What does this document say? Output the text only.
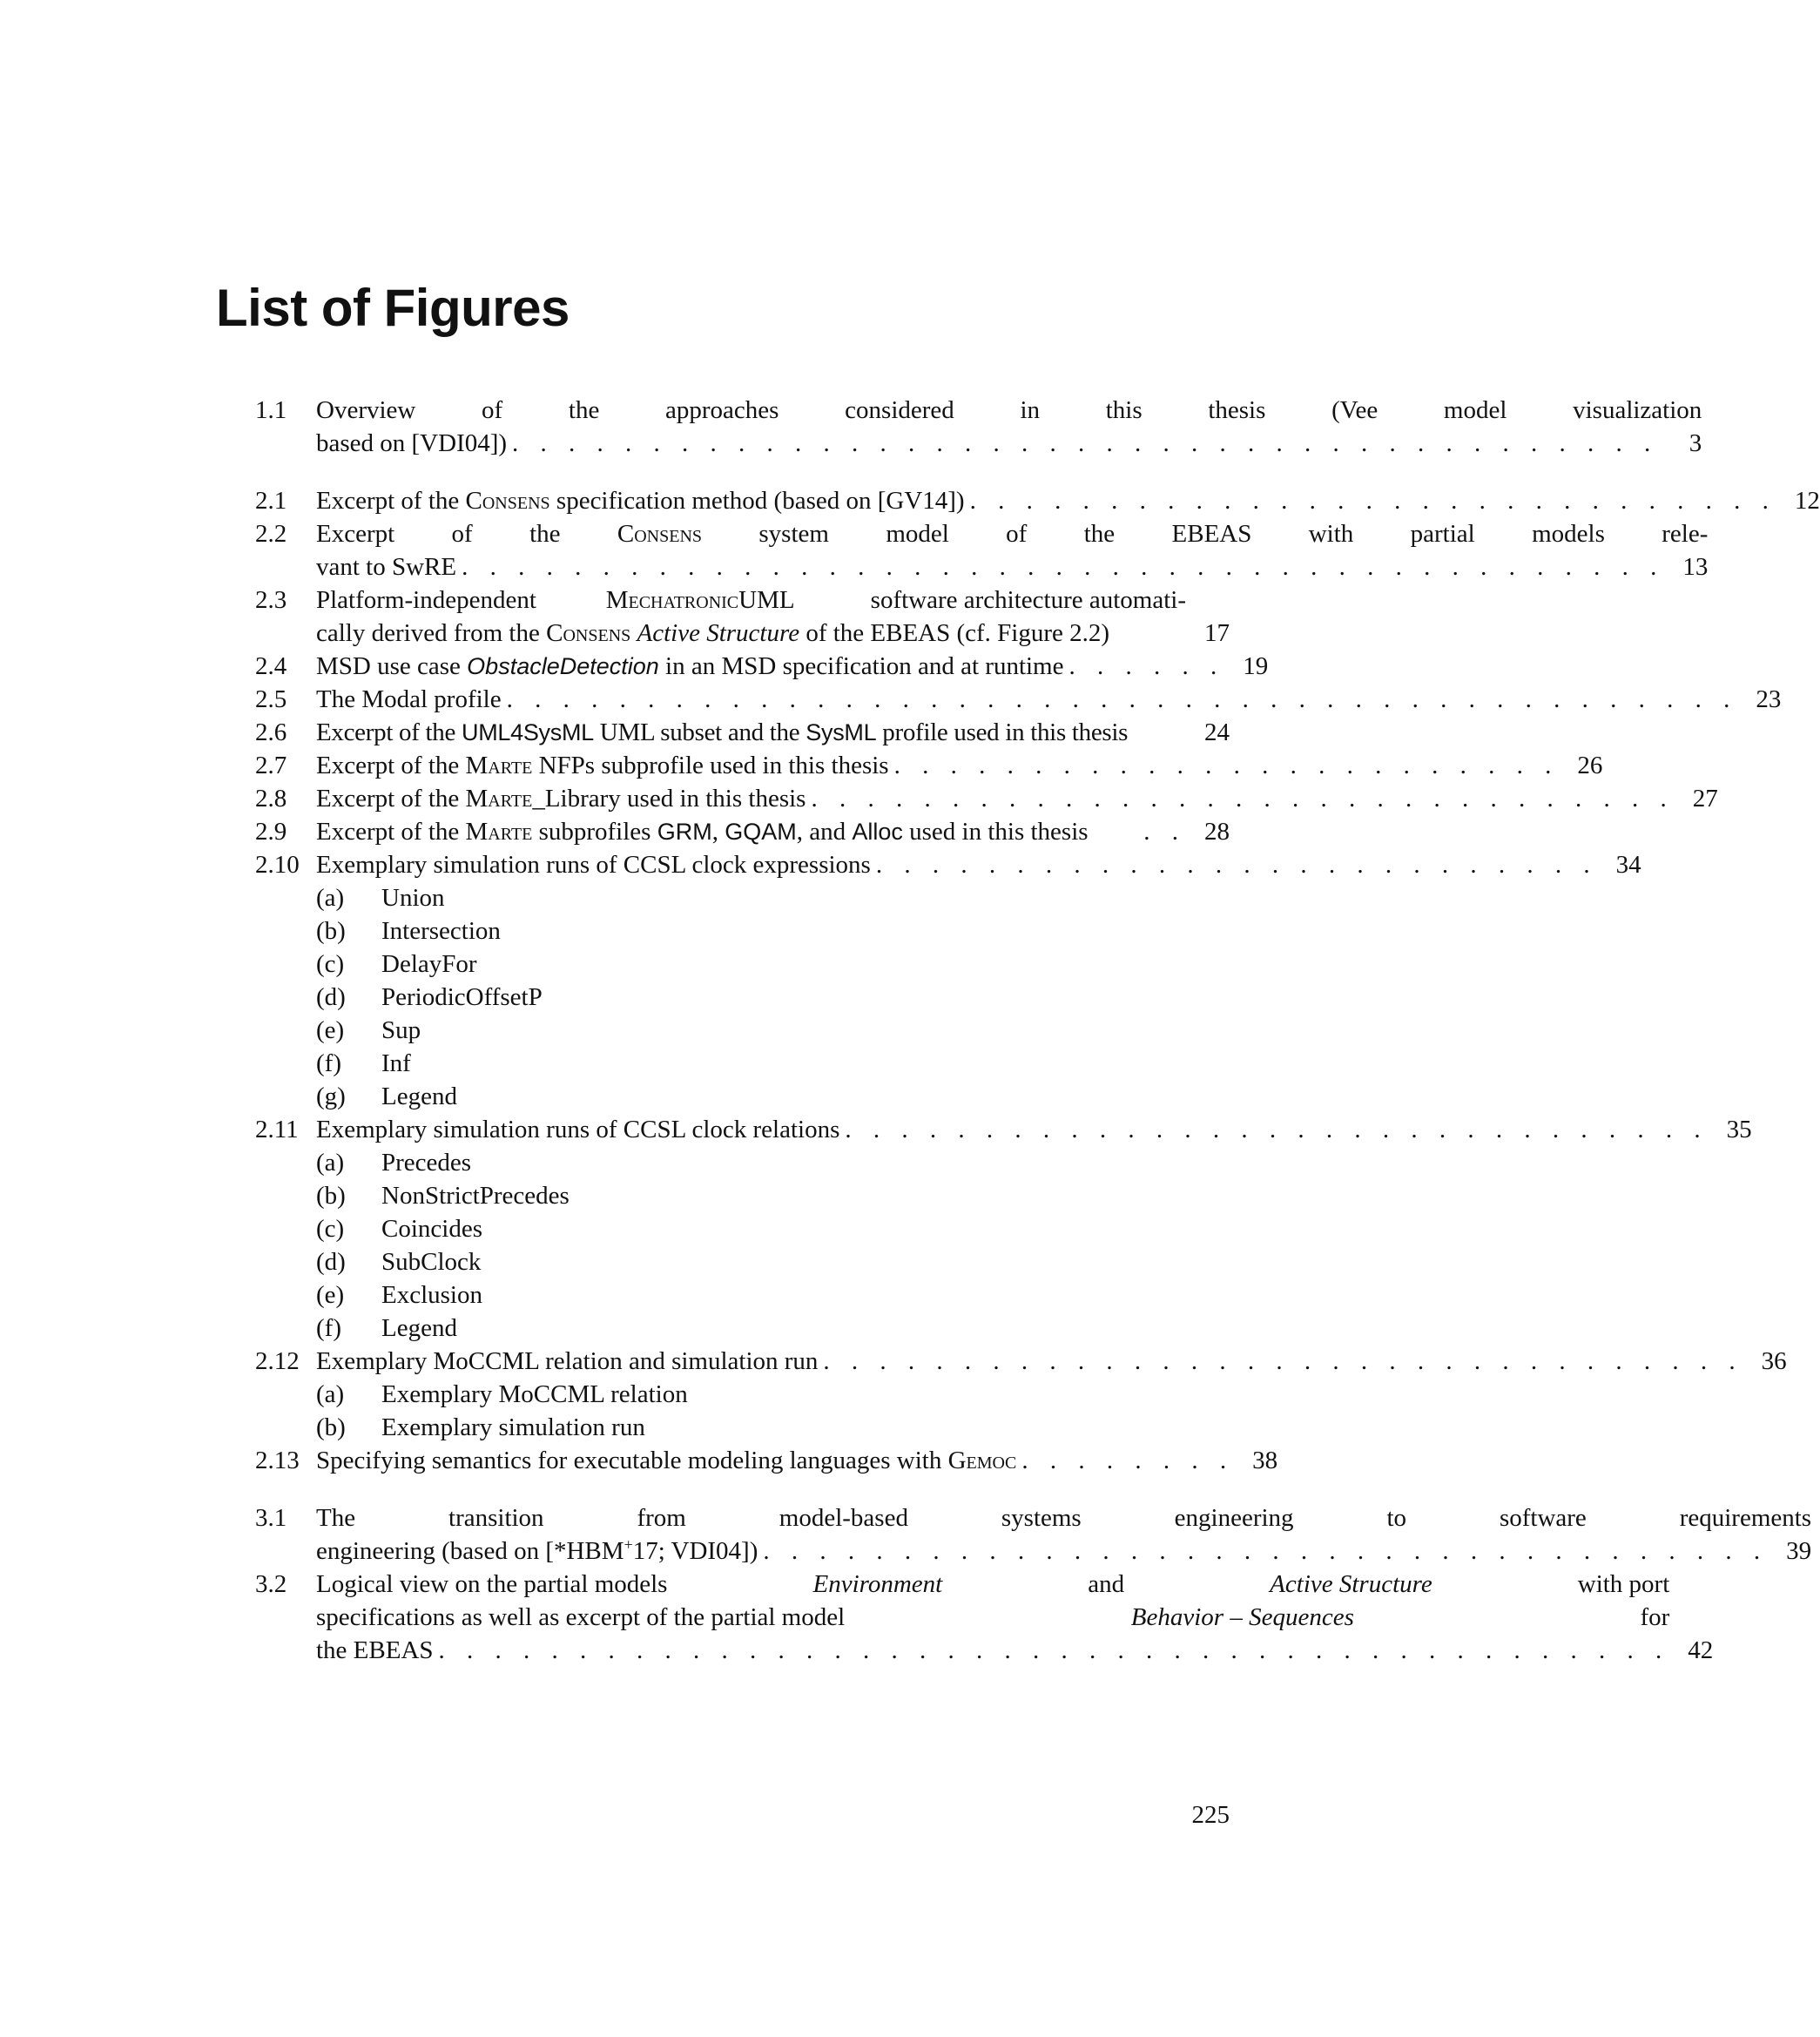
List of Figures
1.1	Overview of the approaches considered in this thesis (Vee model visualization
based on [VDI04]) . . . . . . . . . . . . . . . . . . . . . . . . . . . . . . . . . . . . . . . . .	3
2.1	Excerpt of the Consens specification method (based on [GV14]) . . . . . . . . . . . . . . . . . . . . . . . . . . . . . 12
2.2	Excerpt of the Consens system model of the EBEAS with partial models rele-
vant to SwRE . . . . . . . . . . . . . . . . . . . . . . . . . . . . . . . . . . . . . . . . . . . 13
2.3	Platform-independent	MechatronicUML	software architecture automati-
cally derived from the Consens Active Structure of the EBEAS (cf. Figure 2.2)	17
2.4	MSD use case ObstacleDetection in an MSD specification and at runtime . . . . . . 19
2.5	The Modal profile . . . . . . . . . . . . . . . . . . . . . . . . . . . . . . . . . . . . . . . . . . . . 23
2.6	Excerpt of the UML4SysML UML subset and the SysML profile used in this thesis	24
2.7	Excerpt of the Marte NFPs subprofile used in this thesis . . . . . . . . . . . . . . . . . . . . . . . . 26
2.8	Excerpt of the Marte_Library used in this thesis . . . . . . . . . . . . . . . . . . . . . . . . . . . . . . . 27
2.9	Excerpt of the Marte subprofiles GRM, GQAM, and Alloc used in this thesis	. . 28
2.10 Exemplary simulation runs of CCSL clock expressions . . . . . . . . . . . . . . . . . . . . . . . . . . 34
(a)	Union
(b)	Intersection
(c)	DelayFor
(d)	PeriodicOffsetP
(e)	Sup
(f)	Inf
(g)	Legend
2.11 Exemplary simulation runs of CCSL clock relations . . . . . . . . . . . . . . . . . . . . . . . . . . . . . . . 35
(a)	Precedes
(b)	NonStrictPrecedes
(c)	Coincides
(d)	SubClock
(e)	Exclusion
(f)	Legend
2.12 Exemplary MoCCML relation and simulation run . . . . . . . . . . . . . . . . . . . . . . . . . . . . . . . . . 36
(a)	Exemplary MoCCML relation
(b)	Exemplary simulation run
2.13 Specifying semantics for executable modeling languages with Gemoc . . . . . . . . 38
3.1	The transition from model-based systems engineering to software requirements
engineering (based on [*HBM+17; VDI04]) . . . . . . . . . . . . . . . . . . . . . . . . . . . . . . . . . . . . 39
3.2	Logical view on the partial models	Environment	and	Active Structure	with port
specifications as well as excerpt of the partial model	Behavior – Sequences	for
the EBEAS . . . . . . . . . . . . . . . . . . . . . . . . . . . . . . . . . . . . . . . . . . . . 42
225
